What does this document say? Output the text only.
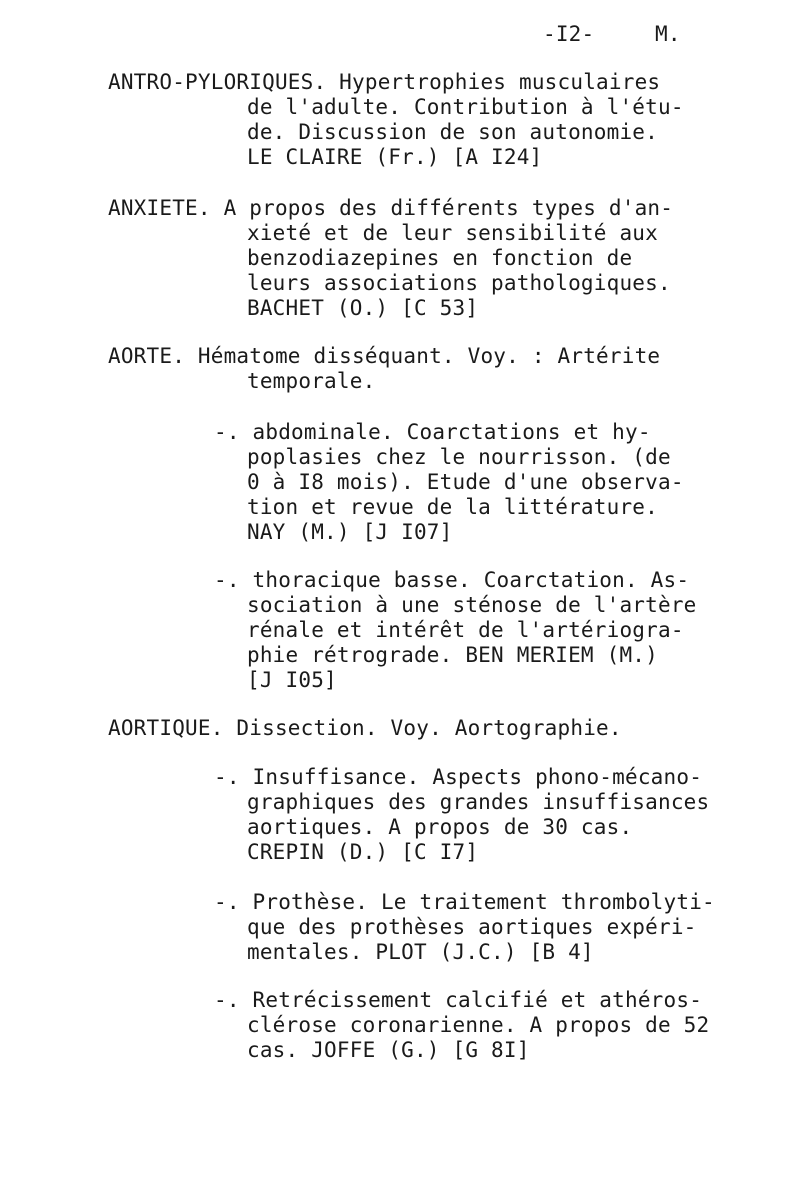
-I2-	M.
ANTRO-PYLORIQUES. Hypertrophies musculaires
de l'adulte. Contribution à l'étu-
de. Discussion de son autonomie.
LE CLAIRE (Fr.) [A I24]
ANXIETE. A propos des différents types d'an-
xieté et de leur sensibilité aux
benzodiazepines en fonction de
leurs associations pathologiques.
BACHET (O.) [C 53]
AORTE. Hématome disséquant. Voy. : Artérite
temporale.
-. abdominale. Coarctations et hy-
poplasies chez le nourrisson. (de
0 à I8 mois). Etude d'une observa-
tion et revue de la littérature.
NAY (M.) [J I07]
-. thoracique basse. Coarctation. As-
sociation à une sténose de l'artère
rénale et intérêt de l'artériogra-
phie rétrograde. BEN MERIEM (M.)
[J I05]
AORTIQUE. Dissection. Voy. Aortographie.
-. Insuffisance. Aspects phono-mécano-
graphiques des grandes insuffisances
aortiques. A propos de 30 cas.
CREPIN (D.) [C I7]
-. Prothèse. Le traitement thrombolyti-
que des prothèses aortiques expéri-
mentales. PLOT (J.C.) [B 4]
-. Retrécissement calcifié et athéros-
clérose coronarienne. A propos de 52
cas. JOFFE (G.) [G 8I]
